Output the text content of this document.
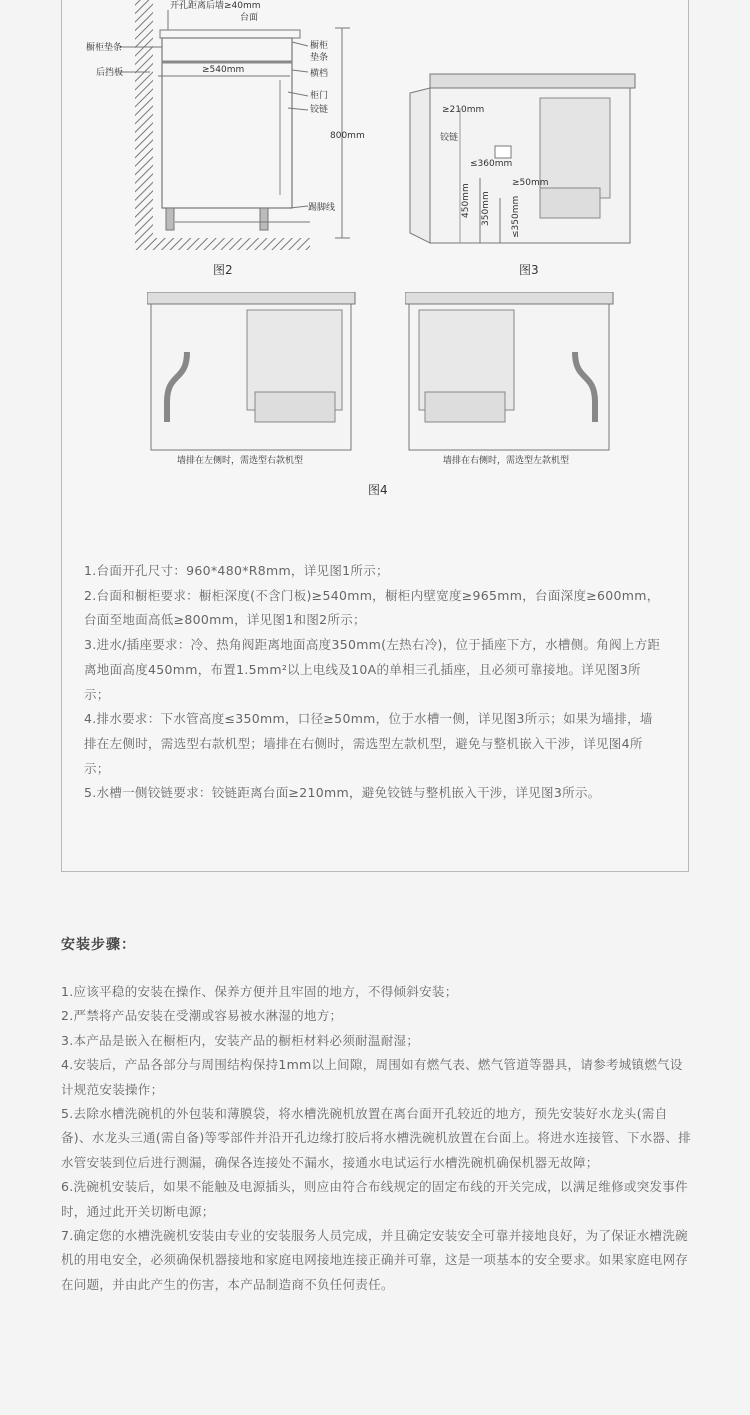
开孔距离后墙≥40mm
台面
橱柜垫条
后挡板
橱柜
垫条
横档
≥540mm
柜门
铰链
800mm
踢脚线
图2
≥210mm
铰链
≤360mm
≥50mm
450mm 350mm ≤350mm
图3
墙排在左侧时，需选型右款机型	墙排在右侧时，需选型左款机型
图4

1.台面开孔尺寸：960*480*R8mm，详见图1所示；

2.台面和橱柜要求：橱柜深度(不含门板)≥540mm，橱柜内壁宽度≥965mm，台面深度≥600mm，台面至地面高低≥800mm，详见图1和图2所示；

3.进水/插座要求：冷、热角阀距离地面高度350mm(左热右冷)，位于插座下方，水槽侧。角阀上方距离地面高度450mm，布置1.5mm²以上电线及10A的单相三孔插座，且必须可靠接地。详见图3所示；

4.排水要求：下水管高度≤350mm，口径≥50mm，位于水槽一侧，详见图3所示；如果为墙排，墙排在左侧时，需选型右款机型；墙排在右侧时，需选型左款机型，避免与整机嵌入干涉，详见图4所示；

5.水槽一侧铰链要求：铰链距离台面≥210mm，避免铰链与整机嵌入干涉，详见图3所示。

安装步骤：

1.应该平稳的安装在操作、保养方便并且牢固的地方，不得倾斜安装；

2.严禁将产品安装在受潮或容易被水淋湿的地方；

3.本产品是嵌入在橱柜内，安装产品的橱柜材料必须耐温耐湿；

4.安装后，产品各部分与周围结构保持1mm以上间隙，周围如有燃气表、燃气管道等器具，请参考城镇燃气设计规范安装操作；

5.去除水槽洗碗机的外包装和薄膜袋，将水槽洗碗机放置在离台面开孔较近的地方，预先安装好水龙头(需自备)、水龙头三通(需自备)等零部件并沿开孔边缘打胶后将水槽洗碗机放置在台面上。将进水连接管、下水器、排水管安装到位后进行测漏，确保各连接处不漏水，接通水电试运行水槽洗碗机确保机器无故障；

6.洗碗机安装后，如果不能触及电源插头，则应由符合布线规定的固定布线的开关完成，以满足维修或突发事件时，通过此开关切断电源；

7.确定您的水槽洗碗机安装由专业的安装服务人员完成，并且确定安装安全可靠并接地良好，为了保证水槽洗碗机的用电安全，必须确保机器接地和家庭电网接地连接正确并可靠，这是一项基本的安全要求。如果家庭电网存在问题，并由此产生的伤害，本产品制造商不负任何责任。
